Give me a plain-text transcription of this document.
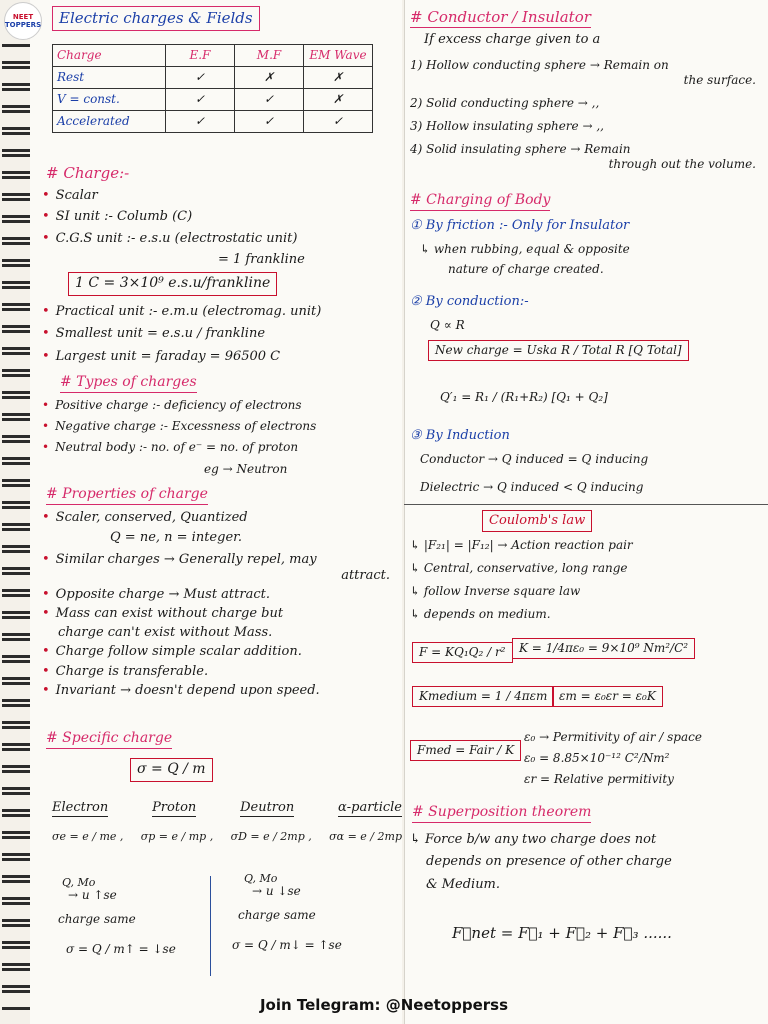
NEET
TOPPERS	Electric charges & Fields
Charge	E.F	M.F	EM Wave
Rest	✓	✗	✗
V = const.	✓	✓	✗
Accelerated	✓	✓	✓
# Charge:-
• Scalar
• SI unit :- Columb (C)
• C.G.S unit :- e.s.u (electrostatic unit)
= 1 frankline
1 C = 3×10⁹ e.s.u/frankline
• Practical unit :- e.m.u (electromag. unit)
• Smallest unit = e.s.u / frankline
• Largest unit = faraday = 96500 C
# Types of charges
• Positive charge :- deficiency of electrons
• Negative charge :- Excessness of electrons
• Neutral body :- no. of e⁻ = no. of proton
eg → Neutron
# Properties of charge
• Scaler, conserved, Quantized
Q = ne, n = integer.
• Similar charges → Generally repel, may
attract.
• Opposite charge → Must attract.
• Mass can exist without charge but
charge can't exist without Mass.
• Charge follow simple scalar addition.
• Charge is transferable.
• Invariant → doesn't depend upon speed.
# Specific charge
σ = Q / m
Electron	Proton	Deutron	α-particle
σe = e / me , σp = e / mp , σD = e / 2mp , σα = e / 2mp
Q, Mo
→ u ↑se
charge same
σ = Q / m↑ = ↓se
Q, Mo
→ u ↓se
charge same
σ = Q / m↓ = ↑se
# Conductor / Insulator
If excess charge given to a
1) Hollow conducting sphere → Remain on
the surface.
2) Solid conducting sphere → ,,
3) Hollow insulating sphere → ,,
4) Solid insulating sphere → Remain
through out the volume.
# Charging of Body
① By friction :- Only for Insulator
↳ when rubbing, equal & opposite
nature of charge created.
② By conduction:-
Q ∝ R
New charge = Uska R / Total R [Q Total]
Q′₁ = R₁ / (R₁+R₂) [Q₁ + Q₂]
③ By Induction
Conductor → Q induced = Q inducing
Dielectric → Q induced < Q inducing
Coulomb's law
↳ |F₂₁| = |F₁₂| → Action reaction pair
↳ Central, conservative, long range
↳ follow Inverse square law
↳ depends on medium.
F = KQ₁Q₂ / r²	K = 1/4πε₀ = 9×10⁹ Nm²/C²
Kmedium = 1 / 4πεm εm = ε₀εr = ε₀K
Fmed = Fair / K
ε₀ → Permitivity of air / space
ε₀ = 8.85×10⁻¹² C²/Nm²
εr = Relative permitivity
# Superposition theorem
↳ Force b/w any two charge does not
depends on presence of other charge
& Medium.
F⃗net = F⃗₁ + F⃗₂ + F⃗₃ ......
Join Telegram: @Neetopperss
